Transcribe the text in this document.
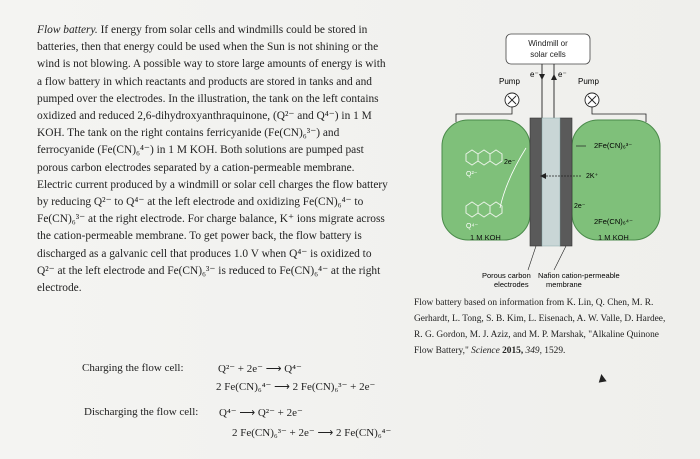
Flow battery. If energy from solar cells and windmills could be stored in batteries, then that energy could be used when the Sun is not shining or the wind is not blowing. A possible way to store large amounts of energy is with a flow battery in which reactants and products are stored in tanks and and pumped over the electrodes. In the illustration, the tank on the left contains oxidized and reduced 2,6-dihydroxyanthraquinone, (Q²⁻ and Q⁴⁻) in 1 M KOH. The tank on the right contains ferricyanide (Fe(CN)₆³⁻) and ferrocyanide (Fe(CN)₆⁴⁻) in 1 M KOH. Both solutions are pumped past porous carbon electrodes separated by a cation-permeable membrane. Electric current produced by a windmill or solar cell charges the flow battery by reducing Q²⁻ to Q⁴⁻ at the left electrode and oxidizing Fe(CN)₆⁴⁻ to Fe(CN)₆³⁻ at the right electrode. For charge balance, K⁺ ions migrate across the cation-permeable membrane. To get power back, the flow battery is discharged as a galvanic cell that produces 1.0 V when Q⁴⁻ is oxidized to Q²⁻ at the left electrode and Fe(CN)₆³⁻ is reduced to Fe(CN)₆⁴⁻ at the right electrode.

Charging the flow cell:	Q²⁻ + 2e⁻ ⟶ Q⁴⁻
2 Fe(CN)₆⁴⁻ ⟶ 2 Fe(CN)₆³⁻ + 2e⁻
Discharging the flow cell: Q⁴⁻ ⟶ Q²⁻ + 2e⁻
2 Fe(CN)₆³⁻ + 2e⁻ ⟶ 2 Fe(CN)₆⁴⁻
Windmill or
solar cells
e⁻ e⁻
Pump	Pump
Q²⁻
Q⁴⁻
2e⁻
2Fe(CN)₆³⁻
2K⁺
2e⁻
2Fe(CN)₆⁴⁻
1 M KOH	1 M KOH
Porous carbon Nafion cation-permeable
electrodes membrane
Flow battery based on information from K. Lin, Q. Chen, M. R. Gerhardt, L. Tong, S. B. Kim, L. Eisenach, A. W. Valle, D. Hardee, R. G. Gordon, M. J. Aziz, and M. P. Marshak, "Alkaline Quinone Flow Battery," Science 2015, 349, 1529.
